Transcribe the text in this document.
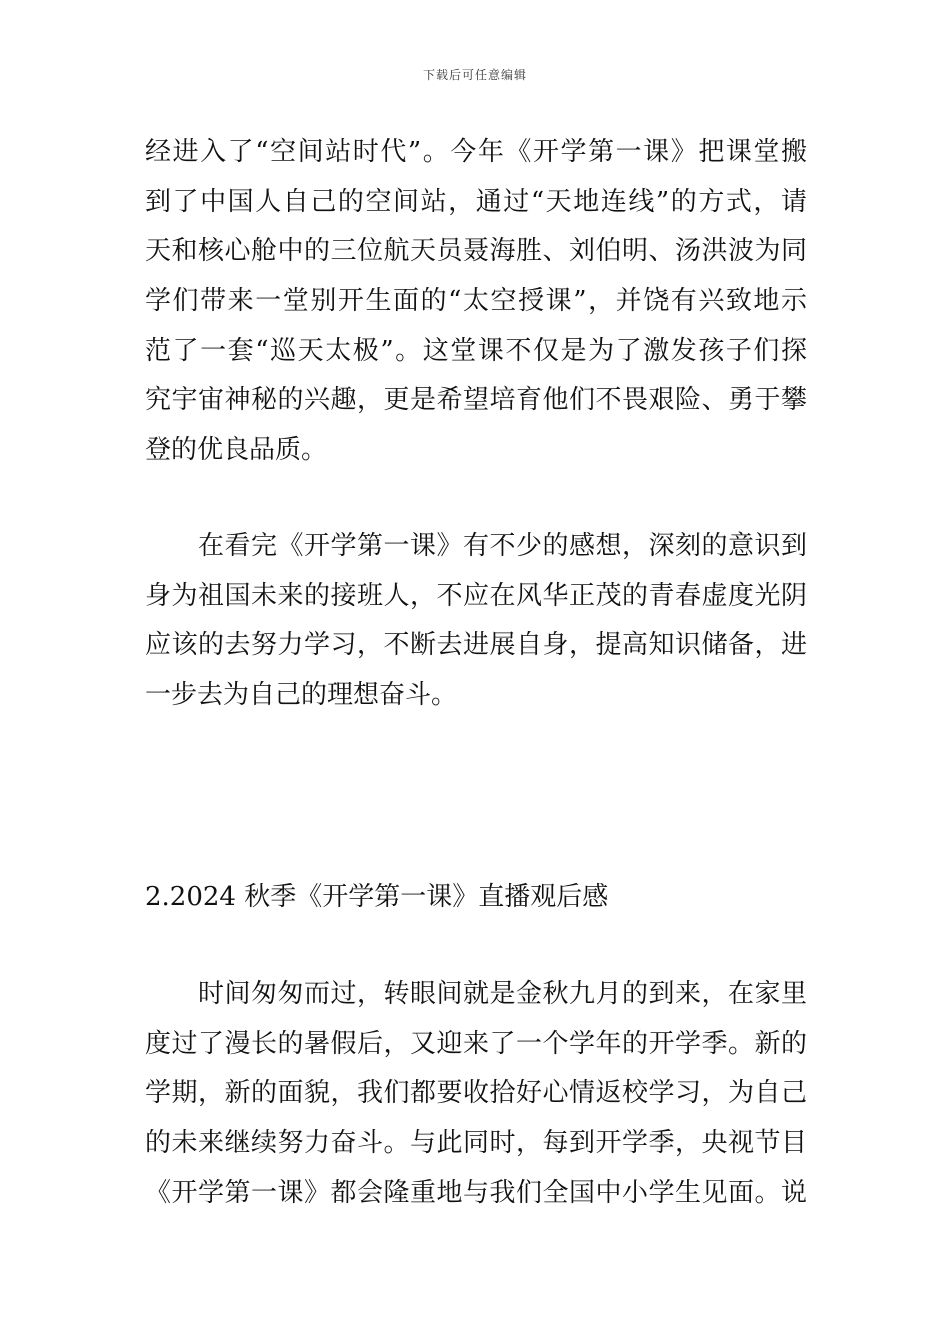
下载后可任意编辑
经进入了“空间站时代”。今年《开学第一课》把课堂搬
到了中国人自己的空间站，通过“天地连线”的方式，请
天和核心舱中的三位航天员聂海胜、刘伯明、汤洪波为同
学们带来一堂别开生面的“太空授课”，并饶有兴致地示
范了一套“巡天太极”。这堂课不仅是为了激发孩子们探
究宇宙神秘的兴趣，更是希望培育他们不畏艰险、勇于攀
登的优良品质。
　　在看完《开学第一课》有不少的感想，深刻的意识到
身为祖国未来的接班人，不应在风华正茂的青春虚度光阴
应该的去努力学习，不断去进展自身，提高知识储备，进
一步去为自己的理想奋斗。
2.2024 秋季《开学第一课》直播观后感
　　时间匆匆而过，转眼间就是金秋九月的到来，在家里
度过了漫长的暑假后，又迎来了一个学年的开学季。新的
学期，新的面貌，我们都要收拾好心情返校学习，为自己
的未来继续努力奋斗。与此同时，每到开学季，央视节目
《开学第一课》都会隆重地与我们全国中小学生见面。说
